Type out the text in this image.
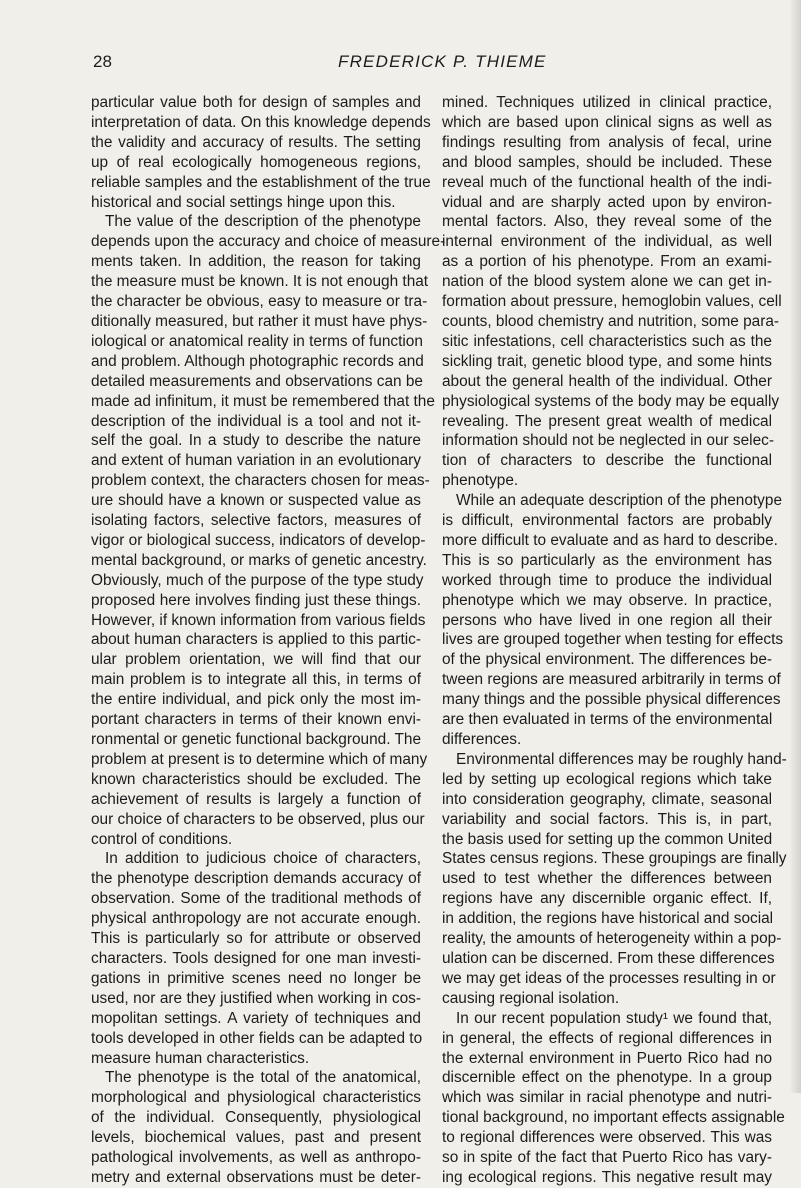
28	FREDERICK P. THIEME
particular value both for design of samples and
interpretation of data. On this knowledge depends
the validity and accuracy of results. The setting
up of real ecologically homogeneous regions,
reliable samples and the establishment of the true
historical and social settings hinge upon this.
The value of the description of the phenotype
depends upon the accuracy and choice of measure-
ments taken. In addition, the reason for taking
the measure must be known. It is not enough that
the character be obvious, easy to measure or tra-
ditionally measured, but rather it must have phys-
iological or anatomical reality in terms of function
and problem. Although photographic records and
detailed measurements and observations can be
made ad infinitum, it must be remembered that the
description of the individual is a tool and not it-
self the goal. In a study to describe the nature
and extent of human variation in an evolutionary
problem context, the characters chosen for meas-
ure should have a known or suspected value as
isolating factors, selective factors, measures of
vigor or biological success, indicators of develop-
mental background, or marks of genetic ancestry.
Obviously, much of the purpose of the type study
proposed here involves finding just these things.
However, if known information from various fields
about human characters is applied to this partic-
ular problem orientation, we will find that our
main problem is to integrate all this, in terms of
the entire individual, and pick only the most im-
portant characters in terms of their known envi-
ronmental or genetic functional background. The
problem at present is to determine which of many
known characteristics should be excluded. The
achievement of results is largely a function of
our choice of characters to be observed, plus our
control of conditions.
In addition to judicious choice of characters,
the phenotype description demands accuracy of
observation. Some of the traditional methods of
physical anthropology are not accurate enough.
This is particularly so for attribute or observed
characters. Tools designed for one man investi-
gations in primitive scenes need no longer be
used, nor are they justified when working in cos-
mopolitan settings. A variety of techniques and
tools developed in other fields can be adapted to
measure human characteristics.
The phenotype is the total of the anatomical,
morphological and physiological characteristics
of the individual. Consequently, physiological
levels, biochemical values, past and present
pathological involvements, as well as anthropo-
metry and external observations must be deter-
mined. Techniques utilized in clinical practice,
which are based upon clinical signs as well as
findings resulting from analysis of fecal, urine
and blood samples, should be included. These
reveal much of the functional health of the indi-
vidual and are sharply acted upon by environ-
mental factors. Also, they reveal some of the
internal environment of the individual, as well
as a portion of his phenotype. From an exami-
nation of the blood system alone we can get in-
formation about pressure, hemoglobin values, cell
counts, blood chemistry and nutrition, some para-
sitic infestations, cell characteristics such as the
sickling trait, genetic blood type, and some hints
about the general health of the individual. Other
physiological systems of the body may be equally
revealing. The present great wealth of medical
information should not be neglected in our selec-
tion of characters to describe the functional
phenotype.
While an adequate description of the phenotype
is difficult, environmental factors are probably
more difficult to evaluate and as hard to describe.
This is so particularly as the environment has
worked through time to produce the individual
phenotype which we may observe. In practice,
persons who have lived in one region all their
lives are grouped together when testing for effects
of the physical environment. The differences be-
tween regions are measured arbitrarily in terms of
many things and the possible physical differences
are then evaluated in terms of the environmental
differences.
Environmental differences may be roughly hand-
led by setting up ecological regions which take
into consideration geography, climate, seasonal
variability and social factors. This is, in part,
the basis used for setting up the common United
States census regions. These groupings are finally
used to test whether the differences between
regions have any discernible organic effect. If,
in addition, the regions have historical and social
reality, the amounts of heterogeneity within a pop-
ulation can be discerned. From these differences
we may get ideas of the processes resulting in or
causing regional isolation.
In our recent population study¹ we found that,
in general, the effects of regional differences in
the external environment in Puerto Rico had no
discernible effect on the phenotype. In a group
which was similar in racial phenotype and nutri-
tional background, no important effects assignable
to regional differences were observed. This was
so in spite of the fact that Puerto Rico has vary-
ing ecological regions. This negative result may
